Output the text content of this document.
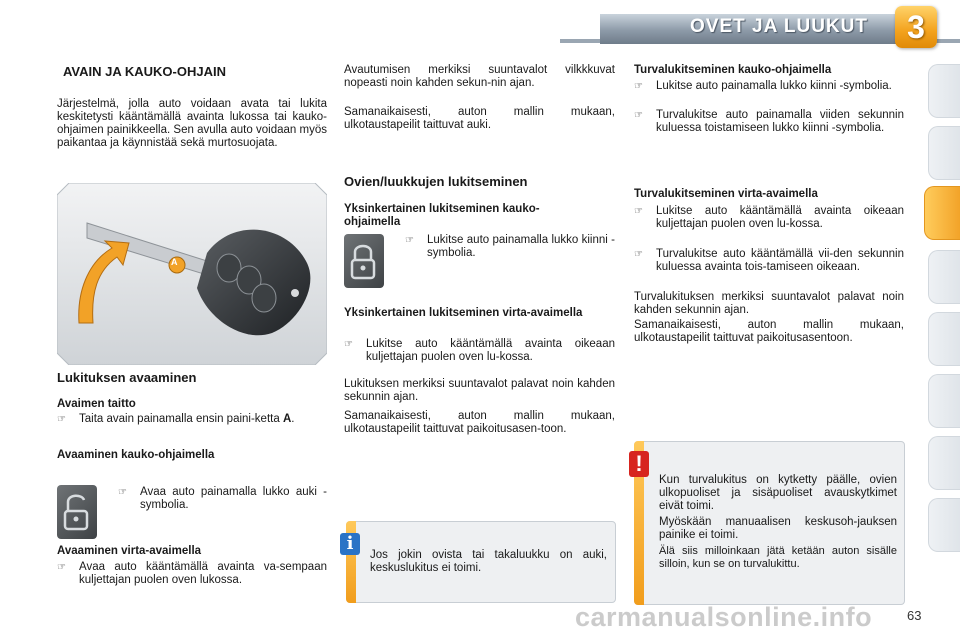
OVET JA LUUKUT	3
AVAIN JA KAUKO-OHJAIN

Järjestelmä, jolla auto voidaan avata tai lukita keskitetysti kääntämällä avainta lukossa tai kauko-ohjaimen painikkeella. Sen avulla auto voidaan myös paikantaa ja käynnistää sekä murtosuojata.

A
Lukituksen avaaminen
Avaimen taitto
☞ Taita avain painamalla ensin paini-ketta A.
Avaaminen kauko-ohjaimella
☞ Avaa auto painamalla lukko auki -symbolia.
Avaaminen virta-avaimella
☞ Avaa auto kääntämällä avainta va-sempaan kuljettajan puolen oven lukossa.

Avautumisen merkiksi suuntavalot vilkkkuvat nopeasti noin kahden sekun-nin ajan.

Samanaikaisesti, auton mallin mukaan, ulkotaustapeilit taittuvat auki.

Ovien/luukkujen lukitseminen
Yksinkertainen lukitseminen kauko-ohjaimella
☞ Lukitse auto painamalla lukko kiinni -symbolia.
Yksinkertainen lukitseminen virta-avaimella
☞ Lukitse auto kääntämällä avainta oikeaan kuljettajan puolen oven lu-kossa.

Lukituksen merkiksi suuntavalot palavat noin kahden sekunnin ajan.

Samanaikaisesti, auton mallin mukaan, ulkotaustapeilit taittuvat paikoitusasen-toon.

i

Jos jokin ovista tai takaluukku on auki, keskuslukitus ei toimi.

Turvalukitseminen kauko-ohjaimella
☞ Lukitse auto painamalla lukko kiinni -symbolia.
☞ Turvalukitse auto painamalla viiden sekunnin kuluessa toistamiseen lukko kiinni -symbolia.
Turvalukitseminen virta-avaimella
☞ Lukitse auto kääntämällä avainta oikeaan kuljettajan puolen oven lu-kossa.
☞ Turvalukitse auto kääntämällä vii-den sekunnin kuluessa avainta tois-tamiseen oikeaan.

Turvalukituksen merkiksi suuntavalot palavat noin kahden sekunnin ajan.

Samanaikaisesti, auton mallin mukaan, ulkotaustapeilit taittuvat paikoitusasentoon.

!

Kun turvalukitus on kytketty päälle, ovien ulkopuoliset ja sisäpuoliset avauskytkimet eivät toimi.

Myöskään manuaalisen keskusoh-jauksen painike ei toimi.

Älä siis milloinkaan jätä ketään auton sisälle silloin, kun se on turvalukittu.

carmanualsonline.info	63
